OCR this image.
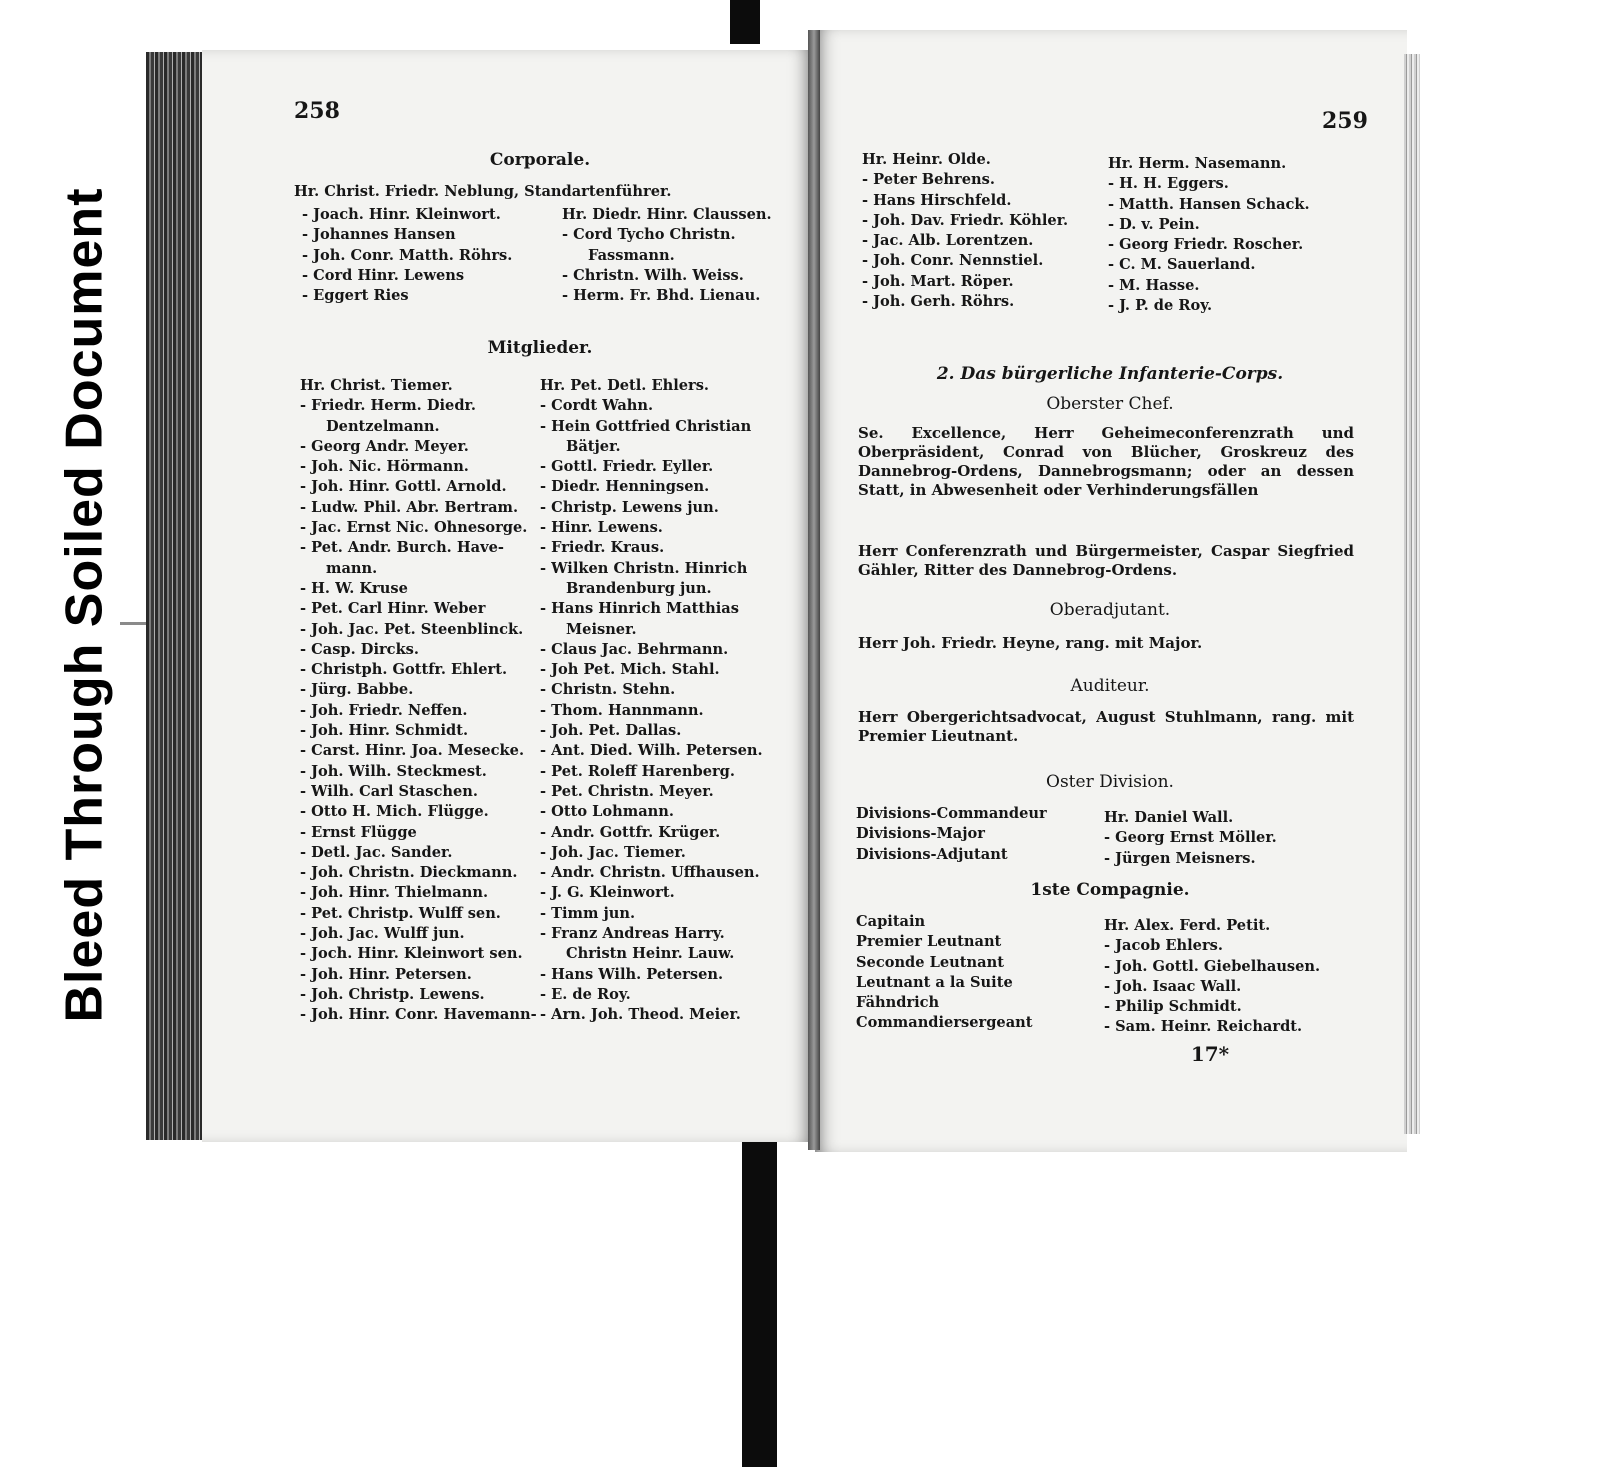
Bleed Through Soiled Document
258
Corporale.
Hr. Christ. Friedr. Neblung, Standartenführer.
- Joach. Hinr. Kleinwort.
- Johannes Hansen
- Joh. Conr. Matth. Röhrs.
- Cord Hinr. Lewens
- Eggert Ries
Hr. Diedr. Hinr. Claussen.
- Cord Tycho Christn.
Fassmann.
- Christn. Wilh. Weiss.
- Herm. Fr. Bhd. Lienau.
Mitglieder.
Hr. Christ. Tiemer.
- Friedr. Herm. Diedr.
Dentzelmann.
- Georg Andr. Meyer.
- Joh. Nic. Hörmann.
- Joh. Hinr. Gottl. Arnold.
- Ludw. Phil. Abr. Bertram.
- Jac. Ernst Nic. Ohnesorge.
- Pet. Andr. Burch. Have-
mann.
- H. W. Kruse
- Pet. Carl Hinr. Weber
- Joh. Jac. Pet. Steenblinck.
- Casp. Dircks.
- Christph. Gottfr. Ehlert.
- Jürg. Babbe.
- Joh. Friedr. Neffen.
- Joh. Hinr. Schmidt.
- Carst. Hinr. Joa. Mesecke.
- Joh. Wilh. Steckmest.
- Wilh. Carl Staschen.
- Otto H. Mich. Flügge.
- Ernst Flügge
- Detl. Jac. Sander.
- Joh. Christn. Dieckmann.
- Joh. Hinr. Thielmann.
- Pet. Christp. Wulff sen.
- Joh. Jac. Wulff jun.
- Joch. Hinr. Kleinwort sen.
- Joh. Hinr. Petersen.
- Joh. Christp. Lewens.
- Joh. Hinr. Conr. Havemann-
Hr. Pet. Detl. Ehlers.
- Cordt Wahn.
- Hein Gottfried Christian
Bätjer.
- Gottl. Friedr. Eyller.
- Diedr. Henningsen.
- Christp. Lewens jun.
- Hinr. Lewens.
- Friedr. Kraus.
- Wilken Christn. Hinrich
Brandenburg jun.
- Hans Hinrich Matthias
Meisner.
- Claus Jac. Behrmann.
- Joh Pet. Mich. Stahl.
- Christn. Stehn.
- Thom. Hannmann.
- Joh. Pet. Dallas.
- Ant. Died. Wilh. Petersen.
- Pet. Roleff Harenberg.
- Pet. Christn. Meyer.
- Otto Lohmann.
- Andr. Gottfr. Krüger.
- Joh. Jac. Tiemer.
- Andr. Christn. Uffhausen.
- J. G. Kleinwort.
- Timm jun.
- Franz Andreas Harry.
Christn Heinr. Lauw.
- Hans Wilh. Petersen.
- E. de Roy.
- Arn. Joh. Theod. Meier.
259
Hr. Heinr. Olde.
- Peter Behrens.
- Hans Hirschfeld.
- Joh. Dav. Friedr. Köhler.
- Jac. Alb. Lorentzen.
- Joh. Conr. Nennstiel.
- Joh. Mart. Röper.
- Joh. Gerh. Röhrs.
Hr. Herm. Nasemann.
- H. H. Eggers.
- Matth. Hansen Schack.
- D. v. Pein.
- Georg Friedr. Roscher.
- C. M. Sauerland.
- M. Hasse.
- J. P. de Roy.
2. Das bürgerliche Infanterie-Corps.
Oberster Chef.
Se. Excellence, Herr Geheimeconferenzrath und Oberpräsident, Conrad von Blücher, Groskreuz des Dannebrog-Ordens, Dannebrogsmann; oder an dessen Statt, in Abwesenheit oder Verhinderungsfällen
Herr Conferenzrath und Bürgermeister, Caspar Siegfried Gähler, Ritter des Dannebrog-Ordens.
Oberadjutant.
Herr Joh. Friedr. Heyne, rang. mit Major.
Auditeur.
Herr Obergerichtsadvocat, August Stuhlmann, rang. mit Premier Lieutnant.
Oster Division.
Divisions-Commandeur
Divisions-Major
Divisions-Adjutant
Hr. Daniel Wall.
- Georg Ernst Möller.
- Jürgen Meisners.
1ste Compagnie.
Capitain
Premier Leutnant
Seconde Leutnant
Leutnant a la Suite
Fähndrich
Commandiersergeant
Hr. Alex. Ferd. Petit.
- Jacob Ehlers.
- Joh. Gottl. Giebelhausen.
- Joh. Isaac Wall.
- Philip Schmidt.
- Sam. Heinr. Reichardt.
17*
